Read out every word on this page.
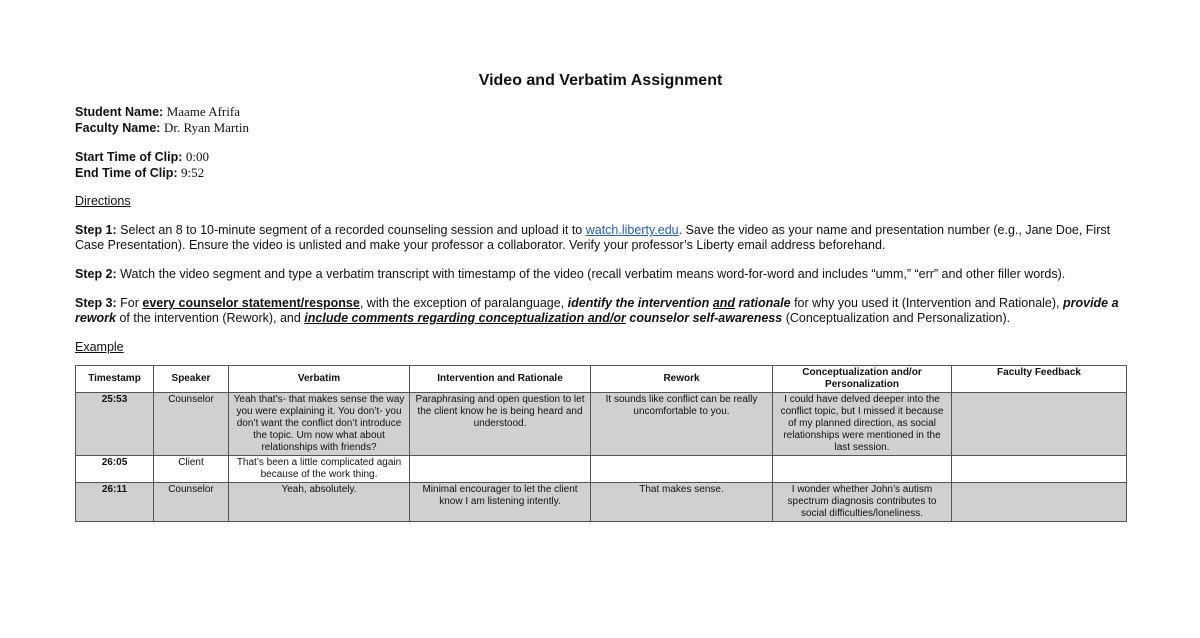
Video and Verbatim Assignment
Student Name: Maame Afrifa
Faculty Name: Dr. Ryan Martin
Start Time of Clip: 0:00
End Time of Clip: 9:52
Directions

Step 1: Select an 8 to 10-minute segment of a recorded counseling session and upload it to watch.liberty.edu. Save the video as your name and presentation number (e.g., Jane Doe, First Case Presentation). Ensure the video is unlisted and make your professor a collaborator. Verify your professor’s Liberty email address beforehand.

Step 2: Watch the video segment and type a verbatim transcript with timestamp of the video (recall verbatim means word-for-word and includes “umm,” “err” and other filler words).

Step 3: For every counselor statement/response, with the exception of paralanguage, identify the intervention and rationale for why you used it (Intervention and Rationale), provide a rework of the intervention (Rework), and include comments regarding conceptualization and/or counselor self-awareness (Conceptualization and Personalization).

Example
Timestamp	Speaker	Verbatim	Intervention and Rationale	Rework	Conceptualization and/or Personalization	Faculty Feedback
25:53	Counselor	Yeah that’s- that makes sense the way you were explaining it. You don’t- you don’t want the conflict don’t introduce the topic. Um now what about relationships with friends?	Paraphrasing and open question to let the client know he is being heard and understood.	It sounds like conflict can be really uncomfortable to you.	I could have delved deeper into the conflict topic, but I missed it because of my planned direction, as social relationships were mentioned in the last session.	
26:05	Client	That’s been a little complicated again because of the work thing.				
26:11	Counselor	Yeah, absolutely.	Minimal encourager to let the client know I am listening intently.	That makes sense.	I wonder whether John’s autism spectrum diagnosis contributes to social difficulties/loneliness.	
